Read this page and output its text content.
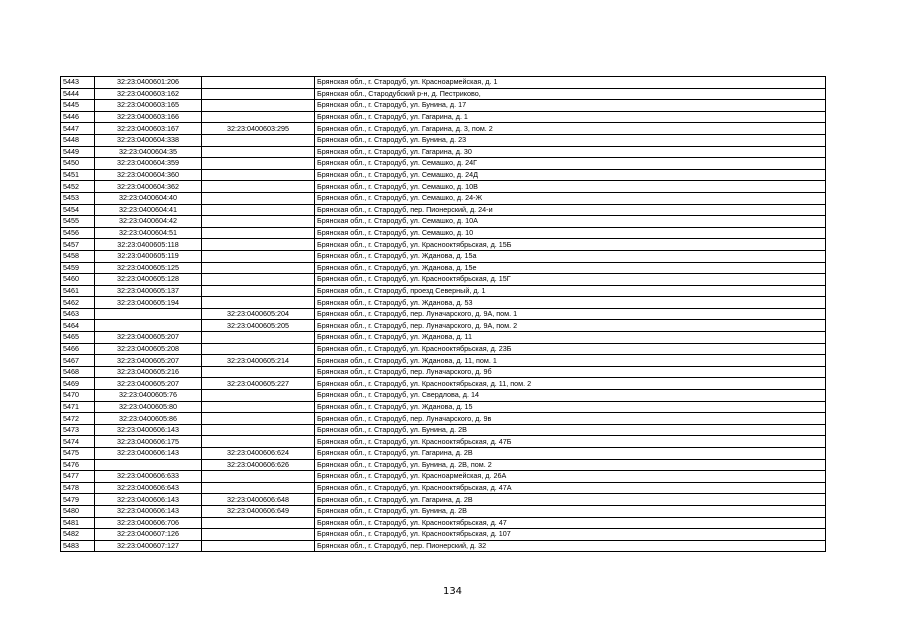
5443	32:23:0400601:206		Брянская обл., г. Стародуб, ул. Красноармейская, д. 1
5444	32:23:0400603:162		Брянская обл., Стародубский р-н, д. Пестриково,
5445	32:23:0400603:165		Брянская обл., г. Стародуб, ул. Бунина, д. 17
5446	32:23:0400603:166		Брянская обл., г. Стародуб, ул. Гагарина, д. 1
5447	32:23:0400603:167	32:23:0400603:295	Брянская обл., г. Стародуб, ул. Гагарина, д. 3, пом. 2
5448	32:23:0400604:338		Брянская обл., г. Стародуб, ул. Бунина, д. 23
5449	32:23:0400604:35		Брянская обл., г. Стародуб, ул. Гагарина, д. 30
5450	32:23:0400604:359		Брянская обл., г. Стародуб, ул. Семашко, д. 24Г
5451	32:23:0400604:360		Брянская обл., г. Стародуб, ул. Семашко, д. 24Д
5452	32:23:0400604:362		Брянская обл., г. Стародуб, ул. Семашко, д. 10В
5453	32:23:0400604:40		Брянская обл., г. Стародуб, ул. Семашко, д. 24-Ж
5454	32:23:0400604:41		Брянская обл., г. Стародуб, пер. Пионерский, д. 24-и
5455	32:23:0400604:42		Брянская обл., г. Стародуб, ул. Семашко, д. 10А
5456	32:23:0400604:51		Брянская обл., г. Стародуб, ул. Семашко, д. 10
5457	32:23:0400605:118		Брянская обл., г. Стародуб, ул. Краснооктябрьская, д. 15Б
5458	32:23:0400605:119		Брянская обл., г. Стародуб, ул. Жданова, д. 15а
5459	32:23:0400605:125		Брянская обл., г. Стародуб, ул. Жданова, д. 15е
5460	32:23:0400605:128		Брянская обл., г. Стародуб, ул. Краснооктябрьская, д. 15Г
5461	32:23:0400605:137		Брянская обл., г. Стародуб, проезд Северный, д. 1
5462	32:23:0400605:194		Брянская обл., г. Стародуб, ул. Жданова, д. 53
5463		32:23:0400605:204	Брянская обл., г. Стародуб, пер. Луначарского, д. 9А, пом. 1
5464		32:23:0400605:205	Брянская обл., г. Стародуб, пер. Луначарского, д. 9А, пом. 2
5465	32:23:0400605:207		Брянская обл., г. Стародуб, ул. Жданова, д. 11
5466	32:23:0400605:208		Брянская обл., г. Стародуб, ул. Краснооктябрьская, д. 23Б
5467	32:23:0400605:207	32:23:0400605:214	Брянская обл., г. Стародуб, ул. Жданова, д. 11, пом. 1
5468	32:23:0400605:216		Брянская обл., г. Стародуб, пер. Луначарского, д. 9б
5469	32:23:0400605:207	32:23:0400605:227	Брянская обл., г. Стародуб, ул. Краснооктябрьская, д. 11, пом. 2
5470	32:23:0400605:76		Брянская обл., г. Стародуб, ул. Свердлова, д. 14
5471	32:23:0400605:80		Брянская обл., г. Стародуб, ул. Жданова, д. 15
5472	32:23:0400605:86		Брянская обл., г. Стародуб, пер. Луначарского, д. 9в
5473	32:23:0400606:143		Брянская обл., г. Стародуб, ул. Бунина, д. 2В
5474	32:23:0400606:175		Брянская обл., г. Стародуб, ул. Краснооктябрьская, д. 47Б
5475	32:23:0400606:143	32:23:0400606:624	Брянская обл., г. Стародуб, ул. Гагарина, д. 2В
5476		32:23:0400606:626	Брянская обл., г. Стародуб, ул. Бунина, д. 2В, пом. 2
5477	32:23:0400606:633		Брянская обл., г. Стародуб, ул. Красноармейская, д. 26А
5478	32:23:0400606:643		Брянская обл., г. Стародуб, ул. Краснооктябрьская, д. 47А
5479	32:23:0400606:143	32:23:0400606:648	Брянская обл., г. Стародуб, ул. Гагарина, д. 2В
5480	32:23:0400606:143	32:23:0400606:649	Брянская обл., г. Стародуб, ул. Бунина, д. 2В
5481	32:23:0400606:706		Брянская обл., г. Стародуб, ул. Краснооктябрьская, д. 47
5482	32:23:0400607:126		Брянская обл., г. Стародуб, ул. Краснооктябрьская, д. 107
5483	32:23:0400607:127		Брянская обл., г. Стародуб, пер. Пионерский, д. 32
134
